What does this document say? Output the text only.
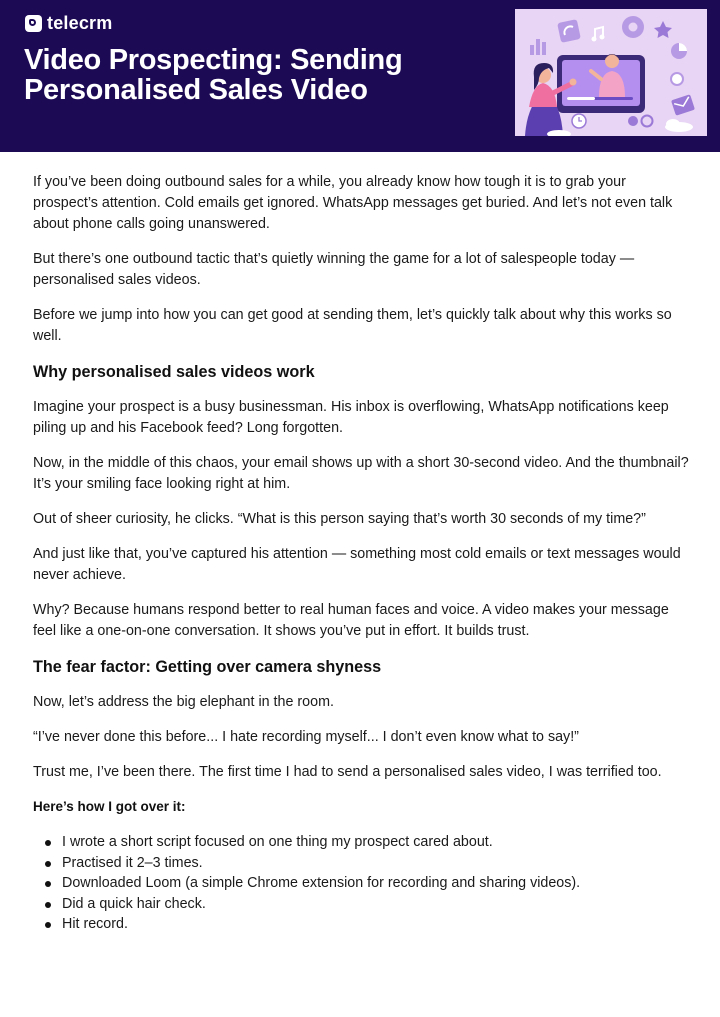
telecrm
Video Prospecting: Sending Personalised Sales Video

If you’ve been doing outbound sales for a while, you already know how tough it is to grab your prospect’s attention. Cold emails get ignored. WhatsApp messages get buried. And let’s not even talk about phone calls going unanswered.

But there’s one outbound tactic that’s quietly winning the game for a lot of salespeople today — personalised sales videos.

Before we jump into how you can get good at sending them, let’s quickly talk about why this works so well.

Why personalised sales videos work

Imagine your prospect is a busy businessman. His inbox is overflowing, WhatsApp notifications keep piling up and his Facebook feed? Long forgotten.

Now, in the middle of this chaos, your email shows up with a short 30-second video. And the thumbnail? It’s your smiling face looking right at him.

Out of sheer curiosity, he clicks. “What is this person saying that’s worth 30 seconds of my time?”

And just like that, you’ve captured his attention — something most cold emails or text messages would never achieve.

Why? Because humans respond better to real human faces and voice. A video makes your message feel like a one-on-one conversation. It shows you’ve put in effort. It builds trust.

The fear factor: Getting over camera shyness

Now, let’s address the big elephant in the room.

“I’ve never done this before... I hate recording myself... I don’t even know what to say!”

Trust me, I’ve been there. The first time I had to send a personalised sales video, I was terrified too.

Here’s how I got over it:
I wrote a short script focused on one thing my prospect cared about.
Practised it 2–3 times.
Downloaded Loom (a simple Chrome extension for recording and sharing videos).
Did a quick hair check.
Hit record.
